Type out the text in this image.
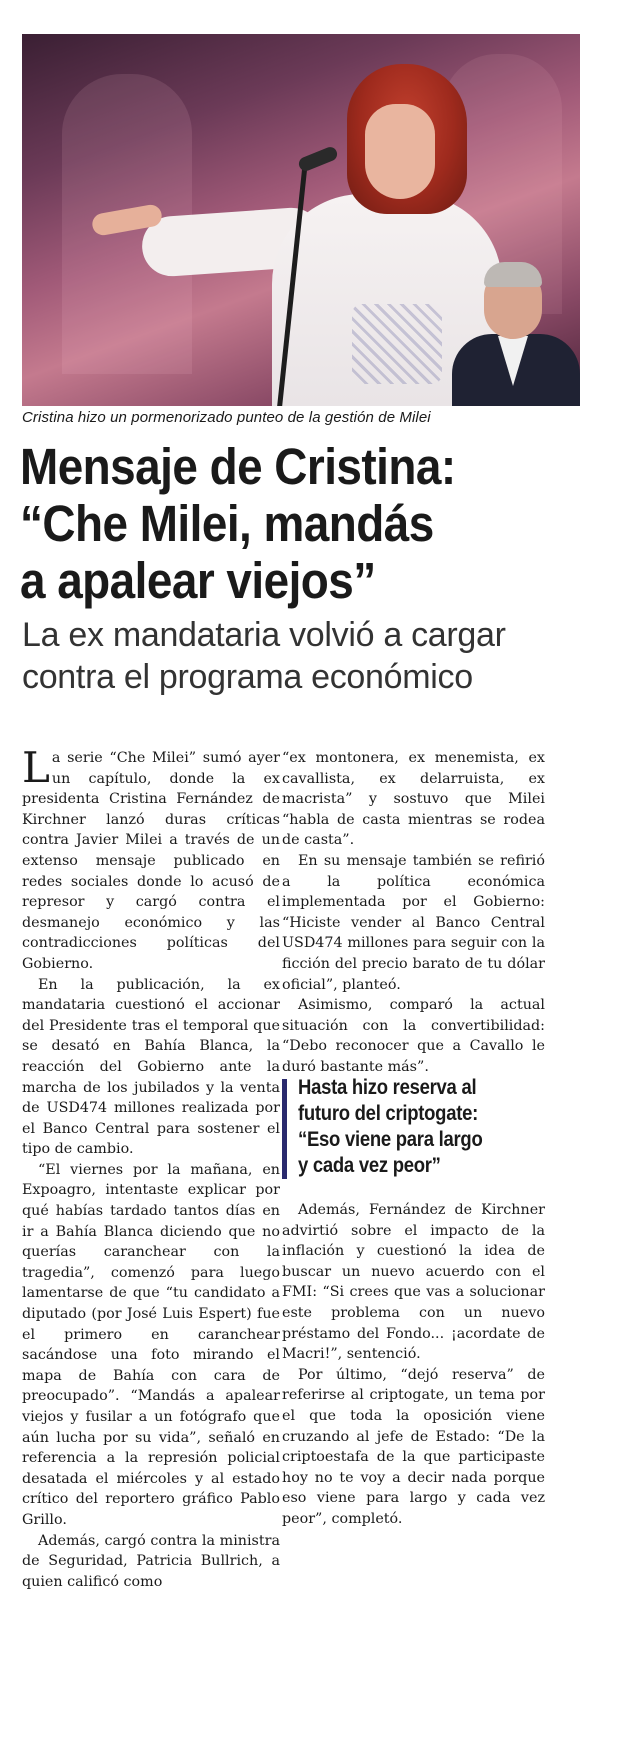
Cristina hizo un pormenorizado punteo de la gestión de Milei
Mensaje de Cristina:
“Che Milei, mandás
a apalear viejos”
La ex mandataria volvió a cargar
contra el programa económico

La serie “Che Milei” sumó ayer un capítulo, donde la ex presidenta Cristina Fernández de Kirchner lanzó duras críticas contra Javier Milei a través de un extenso mensaje publicado en redes sociales donde lo acusó de represor y cargó contra el desmanejo económico y las contradicciones políticas del Gobierno.

En la publicación, la ex mandataria cuestionó el accionar del Presidente tras el temporal que se desató en Bahía Blanca, la reacción del Gobierno ante la marcha de los jubilados y la venta de USD474 millones realizada por el Banco Central para sostener el tipo de cambio.

“El viernes por la mañana, en Expoagro, intentaste explicar por qué habías tardado tantos días en ir a Bahía Blanca diciendo que no querías caranchear con la tragedia”, comenzó para luego lamentarse de que “tu candidato a diputado (por José Luis Espert) fue el primero en caranchear sacándose una foto mirando el mapa de Bahía con cara de preocupado”. “Mandás a apalear viejos y fusilar a un fotógrafo que aún lucha por su vida”, señaló en referencia a la represión policial desatada el miércoles y al estado crítico del reportero gráfico Pablo Grillo.

Además, cargó contra la ministra de Seguridad, Patricia Bullrich, a quien calificó como

“ex montonera, ex menemista, ex cavallista, ex delarruista, ex macrista” y sostuvo que Milei “habla de casta mientras se rodea de casta”.

En su mensaje también se refirió a la política económica implementada por el Gobierno: “Hiciste vender al Banco Central USD474 millones para seguir con la ficción del precio barato de tu dólar oficial”, planteó.

Asimismo, comparó la actual situación con la convertibilidad: “Debo reconocer que a Cavallo le duró bastante más”.

Hasta hizo reserva al
futuro del criptogate:
“Eso viene para largo
y cada vez peor”

Además, Fernández de Kirchner advirtió sobre el impacto de la inflación y cuestionó la idea de buscar un nuevo acuerdo con el FMI: “Si crees que vas a solucionar este problema con un nuevo préstamo del Fondo... ¡acordate de Macri!”, sentenció.

Por último, “dejó reserva” de referirse al criptogate, un tema por el que toda la oposición viene cruzando al jefe de Estado: “De la criptoestafa de la que participaste hoy no te voy a decir nada porque eso viene para largo y cada vez peor”, completó.
